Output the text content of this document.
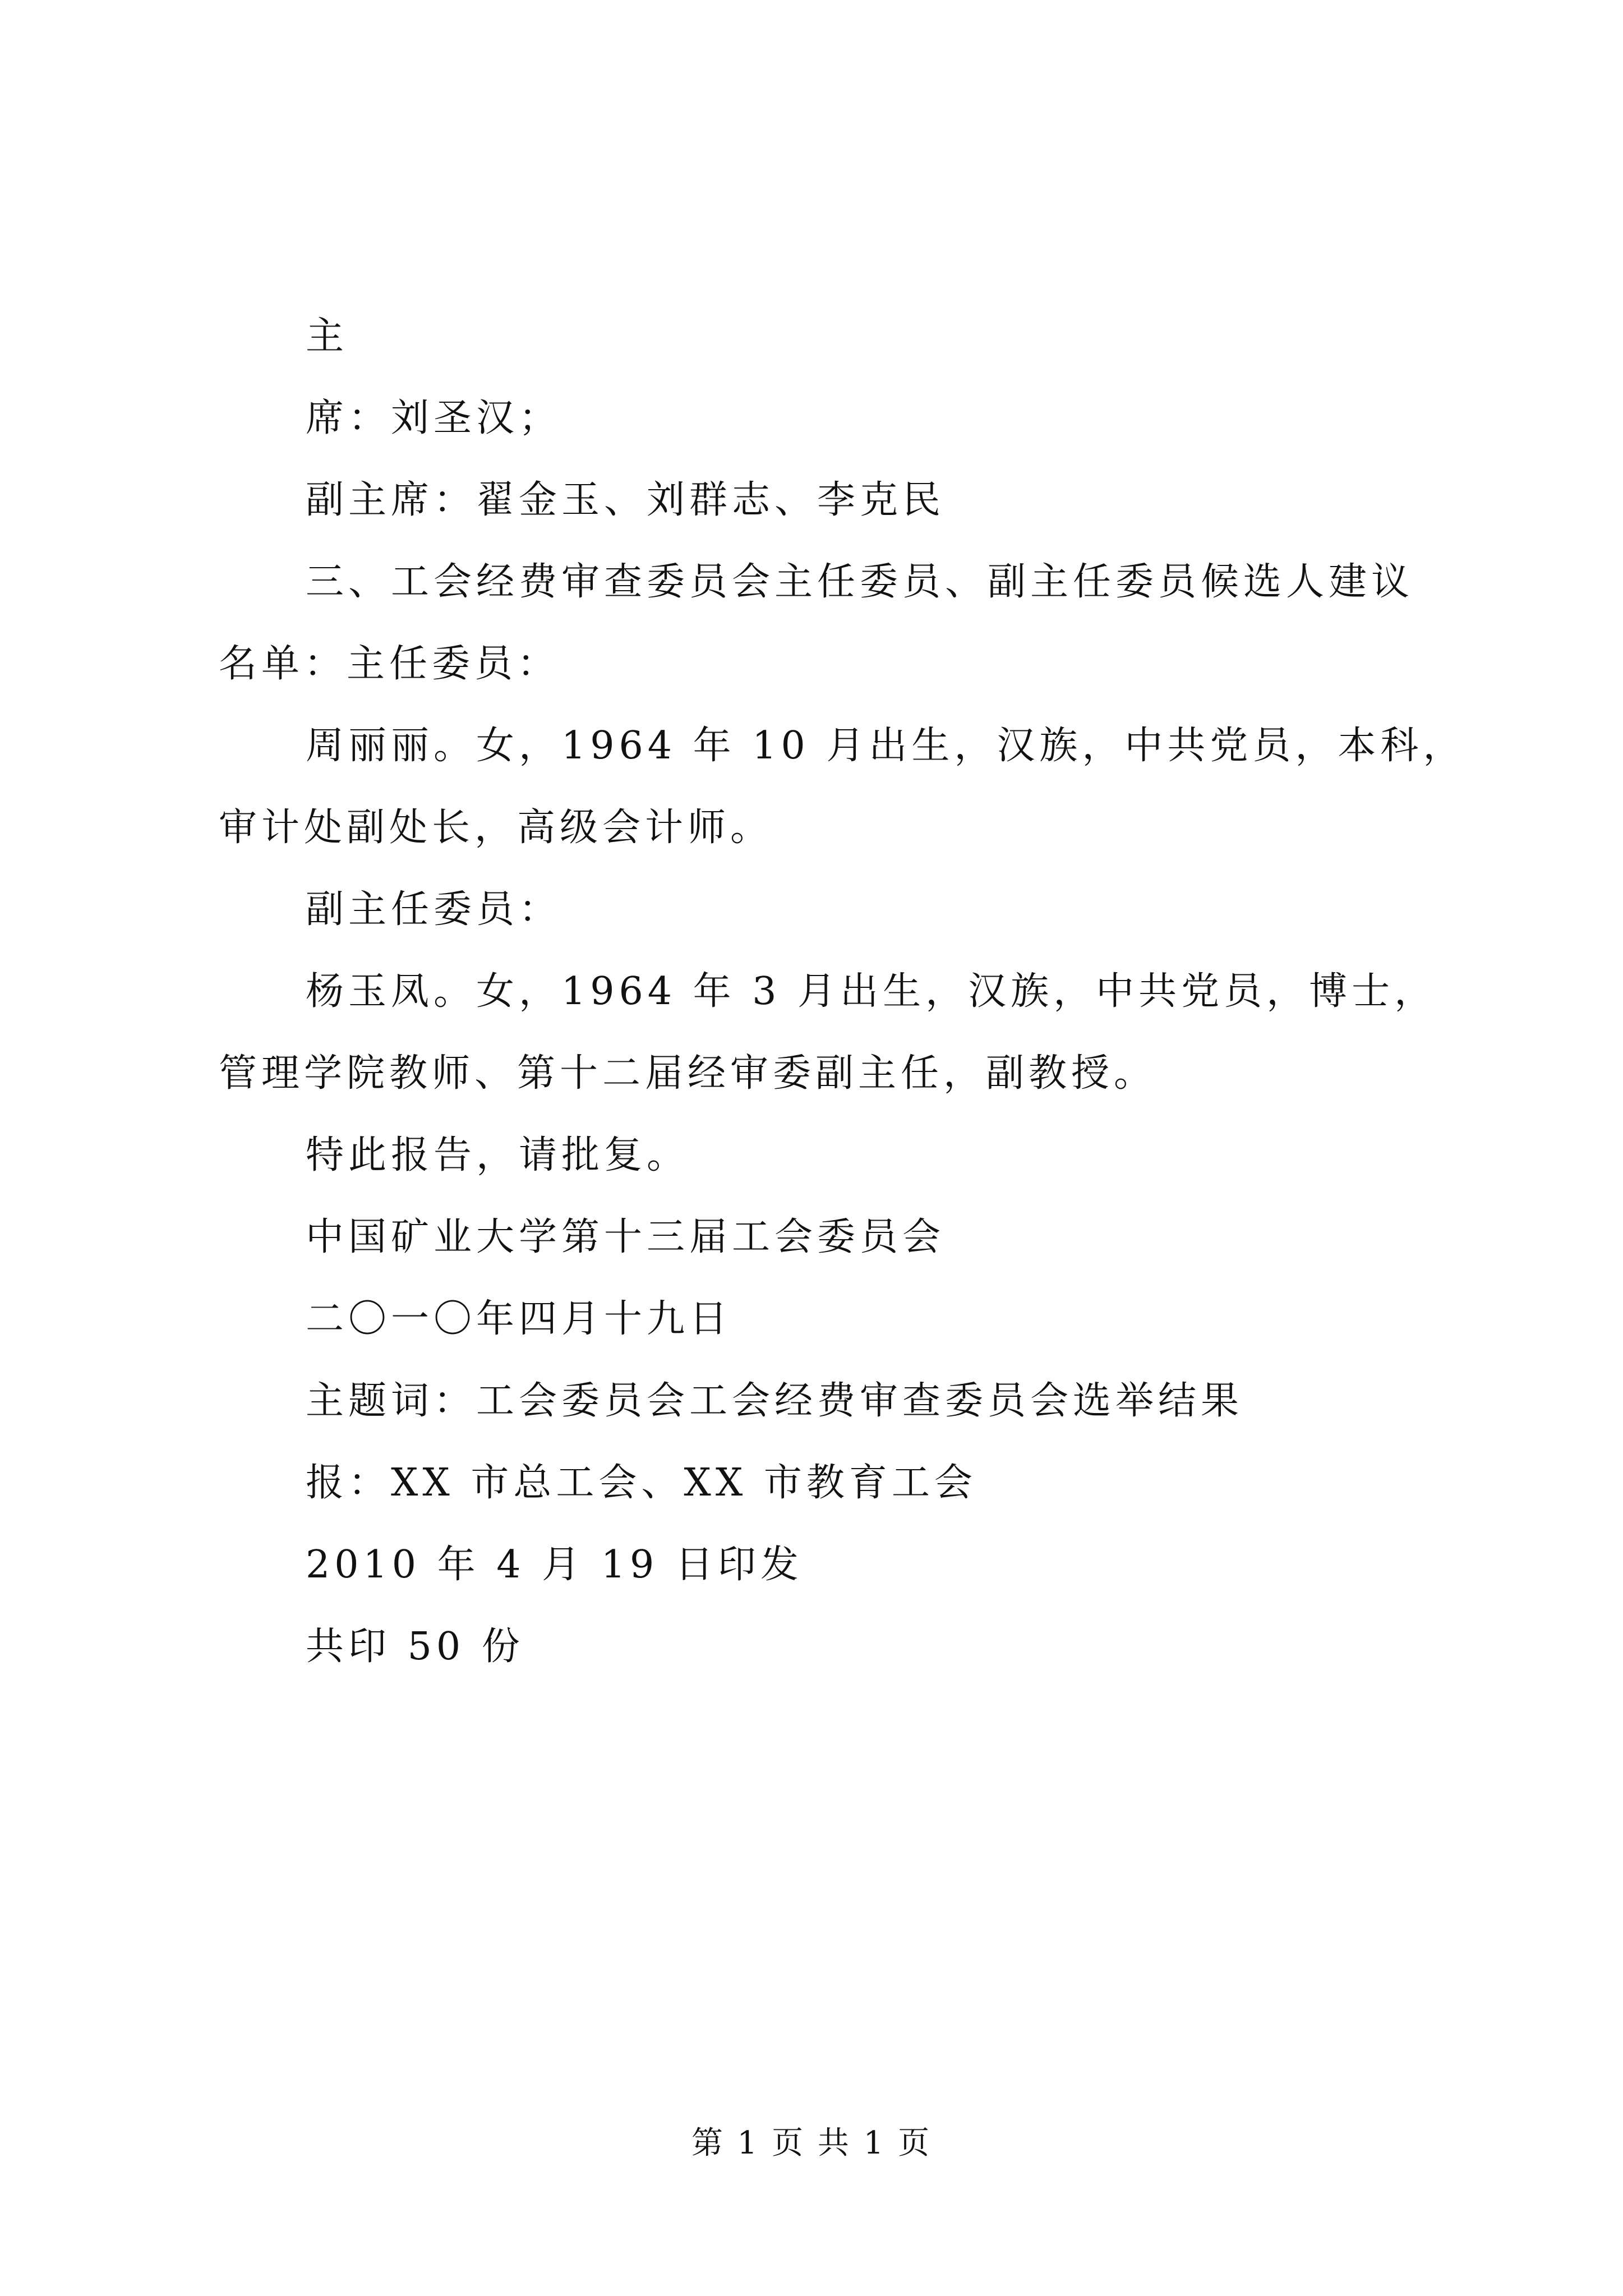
主
席：刘圣汉；
副主席：翟金玉、刘群志、李克民
三、工会经费审查委员会主任委员、副主任委员候选人建议
名单：主任委员：
周丽丽。女，1964 年 10 月出生，汉族，中共党员，本科，
审计处副处长，高级会计师。
副主任委员：
杨玉凤。女，1964 年 3 月出生，汉族，中共党员，博士，
管理学院教师、第十二届经审委副主任，副教授。
特此报告，请批复。
中国矿业大学第十三届工会委员会
二〇一〇年四月十九日
主题词：工会委员会工会经费审查委员会选举结果
报：XX 市总工会、XX 市教育工会
2010 年 4 月 19 日印发
共印 50 份
第 1 页 共 1 页
